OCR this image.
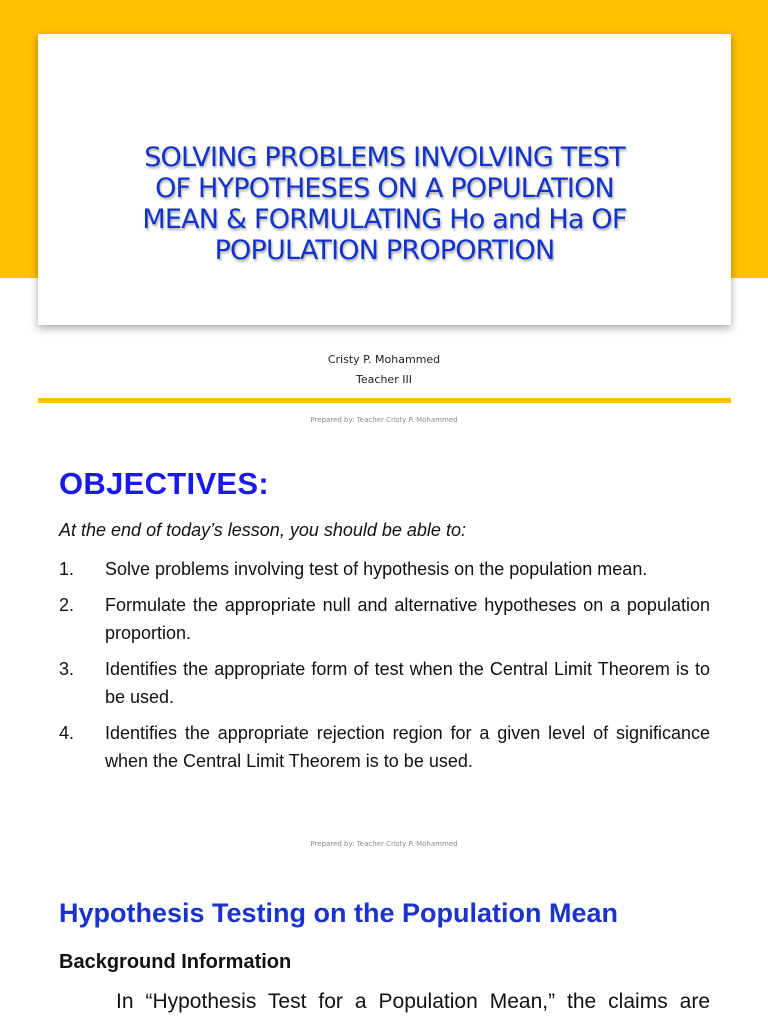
SOLVING PROBLEMS INVOLVING TEST
OF HYPOTHESES ON A POPULATION
MEAN & FORMULATING Ho and Ha OF
POPULATION PROPORTION
Cristy P. Mohammed
Teacher III
Prepared by: Teacher Cristy P. Mohammed
OBJECTIVES:
At the end of today’s lesson, you should be able to:
1.	Solve problems involving test of hypothesis on the population mean.
2.	Formulate the appropriate null and alternative hypotheses on a population proportion.
3.	Identifies the appropriate form of test when the Central Limit Theorem is to be used.
4.	Identifies the appropriate rejection region for a given level of significance when the Central Limit Theorem is to be used.
Prepared by: Teacher Cristy P. Mohammed
Hypothesis Testing on the Population Mean
Background Information
In “Hypothesis Test for a Population Mean,” the claims are
